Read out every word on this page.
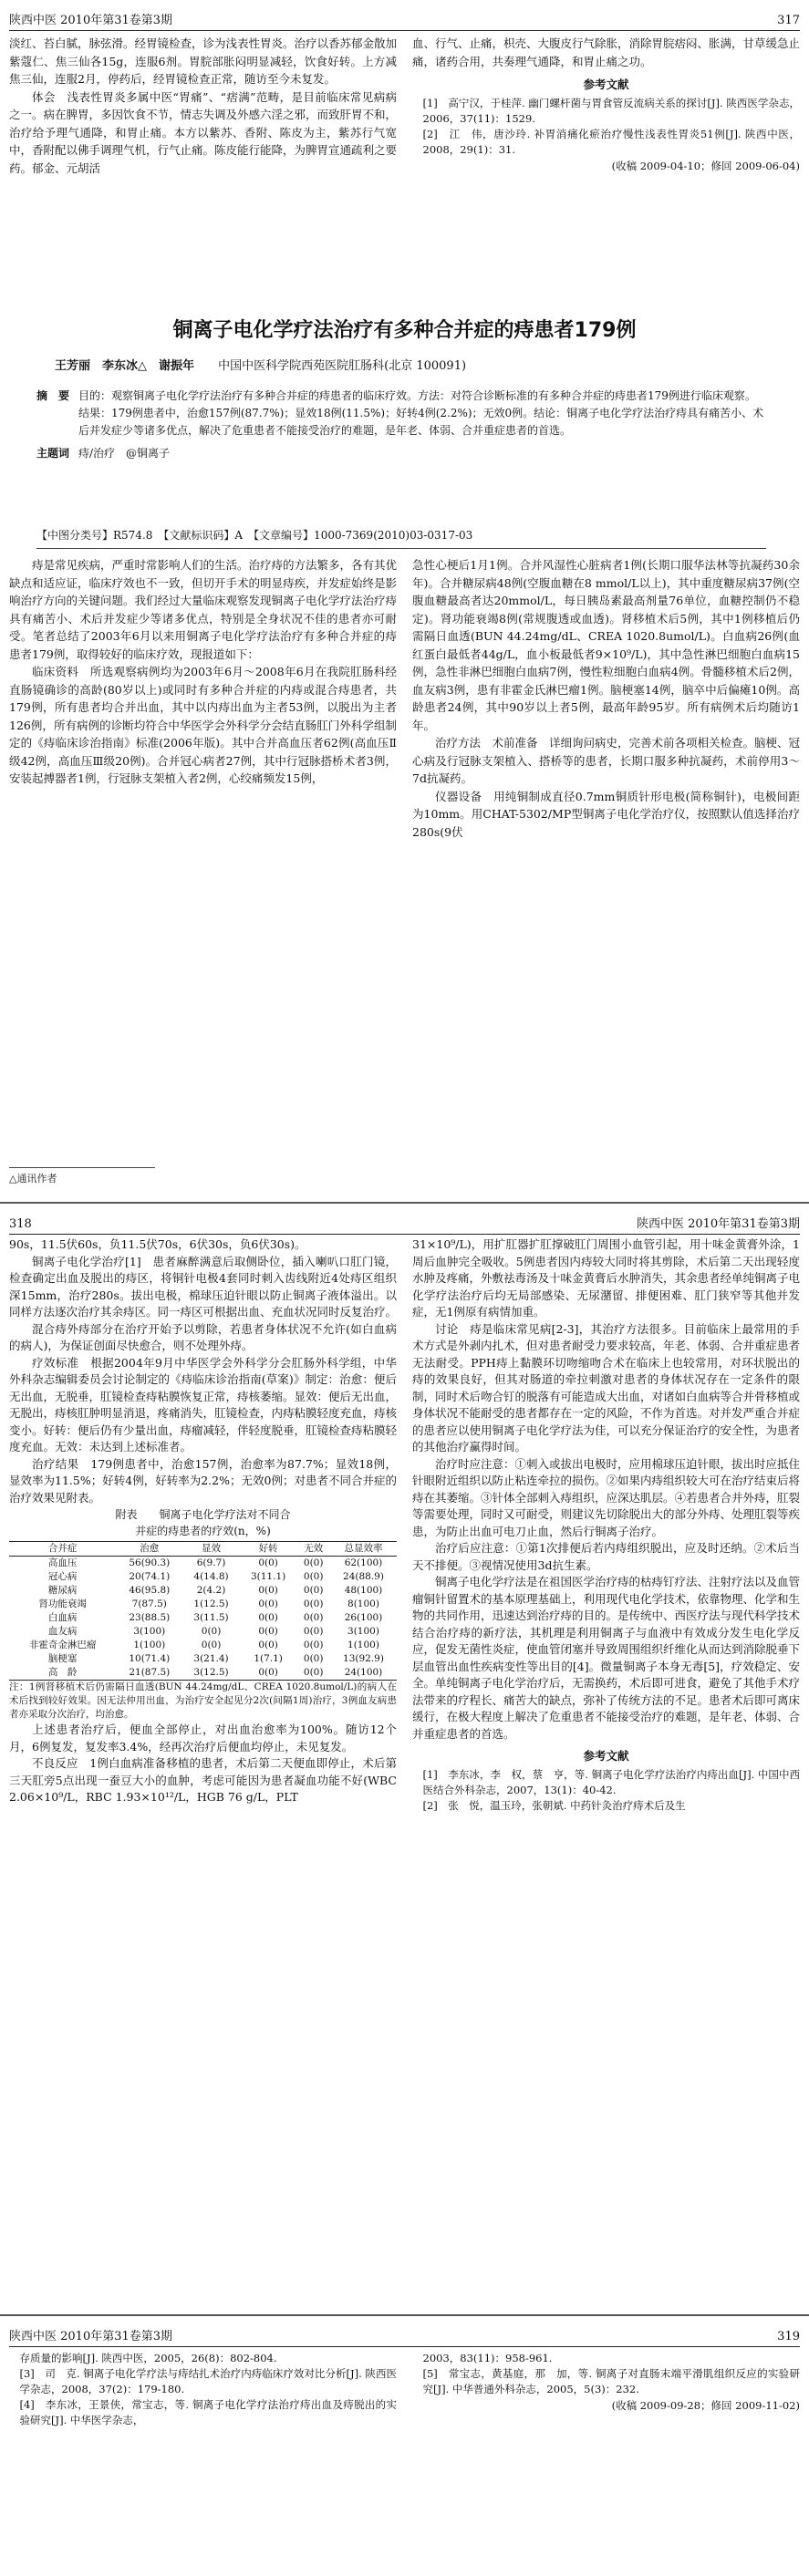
陕西中医 2010年第31卷第3期	317

淡红、苔白腻，脉弦滑。经胃镜检查，诊为浅表性胃炎。治疗以香苏郁金散加紫蔻仁、焦三仙各15g，连服6剂。胃脘部胀闷明显减轻，饮食好转。上方减焦三仙，连服2月，停药后，经胃镜检查正常，随访至今未复发。

体会　浅表性胃炎多属中医“胃痛”、“痞满”范畴，是目前临床常见病病之一。病在脾胃，多因饮食不节，情志失调及外感六淫之邪，而致肝胃不和，治疗给予理气通降，和胃止痛。本方以紫苏、香附、陈皮为主，紫苏行气宽中，香附配以佛手调理气机，行气止痛。陈皮能行能降，为脾胃宣通疏利之要药。郁金、元胡活

血、行气、止痛，枳壳、大腹皮行气除胀，消除胃脘痞闷、胀满，甘草缓急止痛，诸药合用，共奏理气通降，和胃止痛之功。

参考文献

[1]　高宁汉，于桂萍. 幽门螺杆菌与胃食管反流病关系的探讨[J]. 陕西医学杂志，2006，37(11)：1529.

[2]　江　伟，唐沙玲. 补胃消痛化瘀治疗慢性浅表性胃炎51例[J]. 陕西中医，2008，29(1)：31.

(收稿 2009-04-10；修回 2009-06-04)

铜离子电化学疗法治疗有多种合并症的痔患者179例
王芳丽　李东冰△　谢振年 中国中医科学院西苑医院肛肠科(北京 100091)
摘　要 目的：观察铜离子电化学疗法治疗有多种合并症的痔患者的临床疗效。方法：对符合诊断标准的有多种合并症的痔患者179例进行临床观察。结果：179例患者中，治愈157例(87.7%)；显效18例(11.5%)；好转4例(2.2%)；无效0例。结论：铜离子电化学疗法治疗痔具有痛苦小、术后并发症少等诸多优点，解决了危重患者不能接受治疗的难题，是年老、体弱、合并重症患者的首选。
主题词 痔/治疗　@铜离子
【中图分类号】R574.8　【文献标识码】A　【文章编号】1000-7369(2010)03-0317-03

痔是常见疾病，严重时常影响人们的生活。治疗痔的方法繁多，各有其优缺点和适应证，临床疗效也不一致，但切开手术的明显痔疾，并发症始终是影响治疗方向的关键问题。我们经过大量临床观察发现铜离子电化学疗法治疗痔具有痛苦小、术后并发症少等诸多优点，特别是全身状况不佳的患者亦可耐受。笔者总结了2003年6月以来用铜离子电化学疗法治疗有多种合并症的痔患者179例，取得较好的临床疗效，现报道如下：

临床资料　所选观察病例均为2003年6月～2008年6月在我院肛肠科经直肠镜确诊的高龄(80岁以上)或同时有多种合并症的内痔或混合痔患者，共179例，所有患者均合并出血，其中以内痔出血为主者53例，以脱出为主者126例，所有病例的诊断均符合中华医学会外科学分会结直肠肛门外科学组制定的《痔临床诊治指南》标准(2006年版)。其中合并高血压者62例(高血压Ⅱ级42例，高血压Ⅲ级20例)。合并冠心病者27例，其中行冠脉搭桥术者3例，安装起搏器者1例，行冠脉支架植入者2例，心绞痛频发15例，

△通讯作者

急性心梗后1月1例。合并风湿性心脏病者1例(长期口服华法林等抗凝药30余年)。合并糖尿病48例(空腹血糖在8 mmol/L以上)，其中重度糖尿病37例(空腹血糖最高者达20mmol/L，每日胰岛素最高剂量76单位，血糖控制仍不稳定)。肾功能衰竭8例(常规腹透或血透)。肾移植术后5例，其中1例移植后仍需隔日血透(BUN 44.24mg/dL、CREA 1020.8umol/L)。白血病26例(血红蛋白最低者44g/L，血小板最低者9×10⁹/L)，其中急性淋巴细胞白血病15例，急性非淋巴细胞白血病7例，慢性粒细胞白血病4例。骨髓移植术后2例，血友病3例，患有非霍金氏淋巴瘤1例。脑梗塞14例，脑卒中后偏瘫10例。高龄患者24例，其中90岁以上者5例，最高年龄95岁。所有病例术后均随访1年。

治疗方法　术前准备　详细询问病史，完善术前各项相关检查。脑梗、冠心病及行冠脉支架植入、搭桥等的患者，长期口服多种抗凝药，术前停用3～7d抗凝药。

仪器设备　用纯铜制成直径0.7mm铜质针形电极(简称铜针)，电极间距为10mm。用CHAT-5302/MP型铜离子电化学治疗仪，按照默认值选择治疗280s(9伏

318	陕西中医 2010年第31卷第3期

90s，11.5伏60s，负11.5伏70s，6伏30s，负6伏30s)。

铜离子电化学治疗[1]　患者麻醉满意后取侧卧位，插入喇叭口肛门镜，检查确定出血及脱出的痔区，将铜针电极4套同时刺入齿线附近4处痔区组织深15mm，治疗280s。拔出电极，棉球压迫针眼以防止铜离子液体溢出。以同样方法逐次治疗其余痔区。同一痔区可根据出血、充血状况同时反复治疗。

混合痔外痔部分在治疗开始予以剪除，若患者身体状况不允许(如白血病的病人)，为保证创面尽快愈合，则不处理外痔。

疗效标准　根据2004年9月中华医学会外科学分会肛肠外科学组，中华外科杂志编辑委员会讨论制定的《痔临床诊治指南(草案)》制定：治愈：便后无出血，无脱垂，肛镜检查痔粘膜恢复正常，痔核萎缩。显效：便后无出血，无脱出，痔核肛肿明显消退，疼痛消失，肛镜检查，内痔粘膜轻度充血，痔核变小。好转：便后仍有少量出血，痔瘤减轻，伴轻度脱垂，肛镜检查痔粘膜轻度充血。无效：未达到上述标准者。

治疗结果　179例患者中，治愈157例，治愈率为87.7%；显效18例，显效率为11.5%；好转4例，好转率为2.2%；无效0例；对患者不同合并症的治疗效果见附表。

附表　　铜离子电化学疗法对不同合
并症的痔患者的疗效(n，%)
合并症	治愈	显效	好转	无效	总显效率
高血压	56(90.3)	6(9.7)	0(0)	0(0)	62(100)
冠心病	20(74.1)	4(14.8)	3(11.1)	0(0)	24(88.9)
糖尿病	46(95.8)	2(4.2)	0(0)	0(0)	48(100)
肾功能衰竭	7(87.5)	1(12.5)	0(0)	0(0)	8(100)
白血病	23(88.5)	3(11.5)	0(0)	0(0)	26(100)
血友病	3(100)	0(0)	0(0)	0(0)	3(100)
非霍奇金淋巴瘤	1(100)	0(0)	0(0)	0(0)	1(100)
脑梗塞	10(71.4)	3(21.4)	1(7.1)	0(0)	13(92.9)
高　龄	21(87.5)	3(12.5)	0(0)	0(0)	24(100)

注：1例肾移植术后仍需隔日血透(BUN 44.24mg/dL、CREA 1020.8umol/L)的病人在术后找到较好效果。因无法仲用出血，为治疗安全起见分2次(间隔1周)治疗，3例血友病患者亦采取分次治疗，均治愈。

上述患者治疗后，便血全部停止，对出血治愈率为100%。随访12个月，6例复发，复发率3.4%，经再次治疗后便血均停止，未见复发。

不良反应　1例白血病准备移植的患者，术后第二天便血即停止，术后第三天肛旁5点出现一蚕豆大小的血肿，考虑可能因为患者凝血功能不好(WBC 2.06×10⁹/L，RBC 1.93×10¹²/L，HGB 76 g/L，PLT

31×10⁹/L)，用扩肛器扩肛撑破肛门周围小血管引起，用十味金黄膏外涂，1周后血肿完全吸收。5例患者因内痔较大同时将其剪除，术后第二天出现轻度水肿及疼痛，外敷祛毒汤及十味金黄膏后水肿消失，其余患者经单纯铜离子电化学疗法治疗后均无局部感染、无尿潴留、排便困难、肛门狭窄等其他并发症，无1例原有病情加重。

讨论　痔是临床常见病[2-3]，其治疗方法很多。目前临床上最常用的手术方式是外剥内扎术，但对患者耐受力要求较高，年老、体弱、合并重症患者无法耐受。PPH痔上黏膜环切吻缩吻合术在临床上也较常用，对环状脱出的痔的效果良好，但其对肠道的牵拉刺激对患者的身体状况存在一定条件的限制，同时术后吻合钉的脱落有可能造成大出血，对诸如白血病等合并骨移植或身体状况不能耐受的患者都存在一定的风险，不作为首选。对并发严重合并症的患者应以使用铜离子电化学疗法为佳，可以充分保证治疗的安全性，为患者的其他治疗赢得时间。

治疗时应注意：①刺入或拔出电极时，应用棉球压迫针眼，拔出时应抵住针眼附近组织以防止粘连牵拉的损伤。②如果内痔组织较大可在治疗结束后将痔在其萎缩。③针体全部刺入痔组织，应深达肌层。④若患者合并外痔，肛裂等需要处理，同时又可耐受，则建议先切除脱出大的部分外痔、处理肛裂等疾患，为防止出血可电刀止血，然后行铜离子治疗。

治疗后应注意：①第1次排便后若内痔组织脱出，应及时还纳。②术后当天不排便。③视情况使用3d抗生素。

铜离子电化学疗法是在祖国医学治疗痔的枯痔钉疗法、注射疗法以及血管瘤铜针留置术的基本原理基础上，利用现代电化学技术，依靠物理、化学和生物的共同作用，迅速达到治疗痔的目的。是传统中、西医疗法与现代科学技术结合治疗痔的新疗法，其机理是利用铜离子与血液中有效成分发生电化学反应，促发无菌性炎症，使血管闭塞并导致周围组织纤维化从而达到消除脱垂下层血管出血性疾病变性等出目的[4]。微量铜离子本身无毒[5]，疗效稳定、安全。单纯铜离子电化学治疗后，无需换药，术后即可进食，避免了其他手术疗法带来的疗程长、痛苦大的缺点，弥补了传统方法的不足。患者术后即可离床缓行，在极大程度上解决了危重患者不能接受治疗的难题，是年老、体弱、合并重症患者的首选。

参考文献

[1]　李东冰，李　权，蔡　亨，等. 铜离子电化学疗法治疗内痔出血[J]. 中国中西医结合外科杂志，2007，13(1)：40-42.

[2]　张　悦，温玉玲，张朝斌. 中药针灸治疗痔术后及生

陕西中医 2010年第31卷第3期	319

存质量的影响[J]. 陕西中医，2005，26(8)：802-804.

[3]　司　克. 铜离子电化学疗法与痔结扎术治疗内痔临床疗效对比分析[J]. 陕西医学杂志，2008，37(2)：179-180.

[4]　李东冰，王景侠，常宝志，等. 铜离子电化学疗法治疗痔出血及痔脱出的实验研究[J]. 中华医学杂志，

2003，83(11)：958-961.

[5]　常宝志，黄基庭，那　加，等. 铜离子对直肠末端平滑肌组织反应的实验研究[J]. 中华普通外科杂志，2005，5(3)：232.

(收稿 2009-09-28；修回 2009-11-02)
